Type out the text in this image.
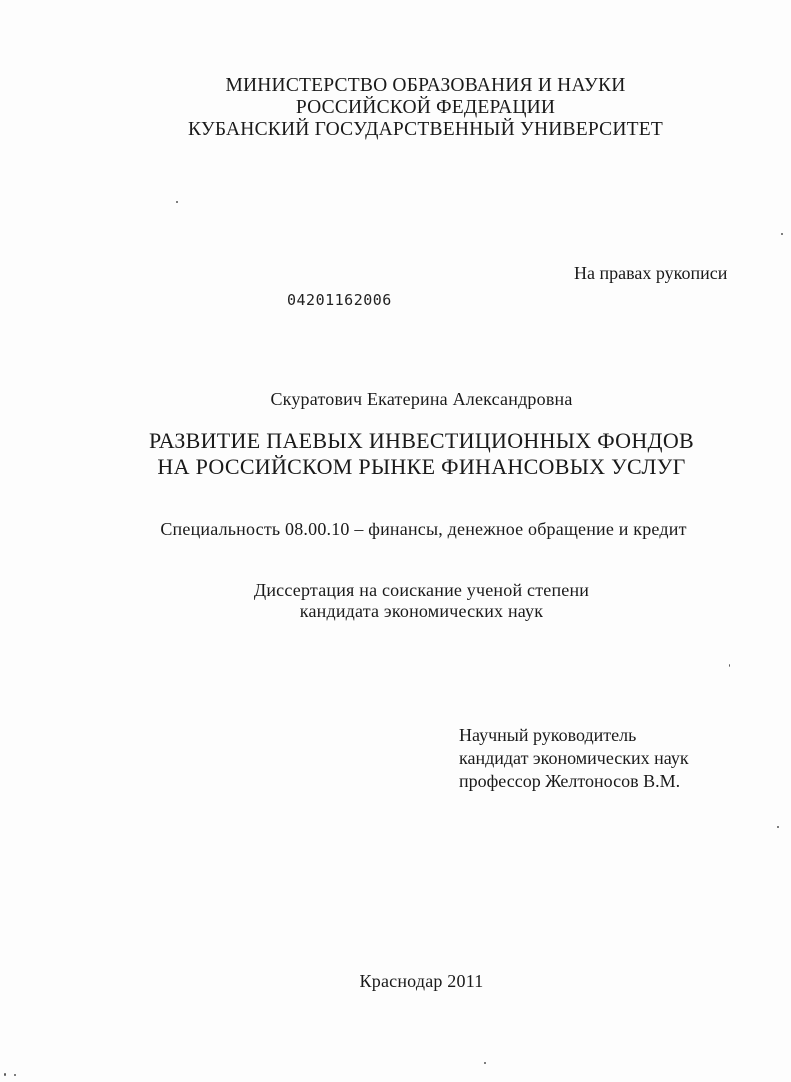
МИНИСТЕРСТВО ОБРАЗОВАНИЯ И НАУКИ
РОССИЙСКОЙ ФЕДЕРАЦИИ
КУБАНСКИЙ ГОСУДАРСТВЕННЫЙ УНИВЕРСИТЕТ
На правах рукописи
04201162006
Скуратович Екатерина Александровна
РАЗВИТИЕ ПАЕВЫХ ИНВЕСТИЦИОННЫХ ФОНДОВ
НА РОССИЙСКОМ РЫНКЕ ФИНАНСОВЫХ УСЛУГ
Специальность 08.00.10 – финансы, денежное обращение и кредит
Диссертация на соискание ученой степени
кандидата экономических наук
Научный руководитель
кандидат экономических наук
профессор Желтоносов В.М.
Краснодар 2011
